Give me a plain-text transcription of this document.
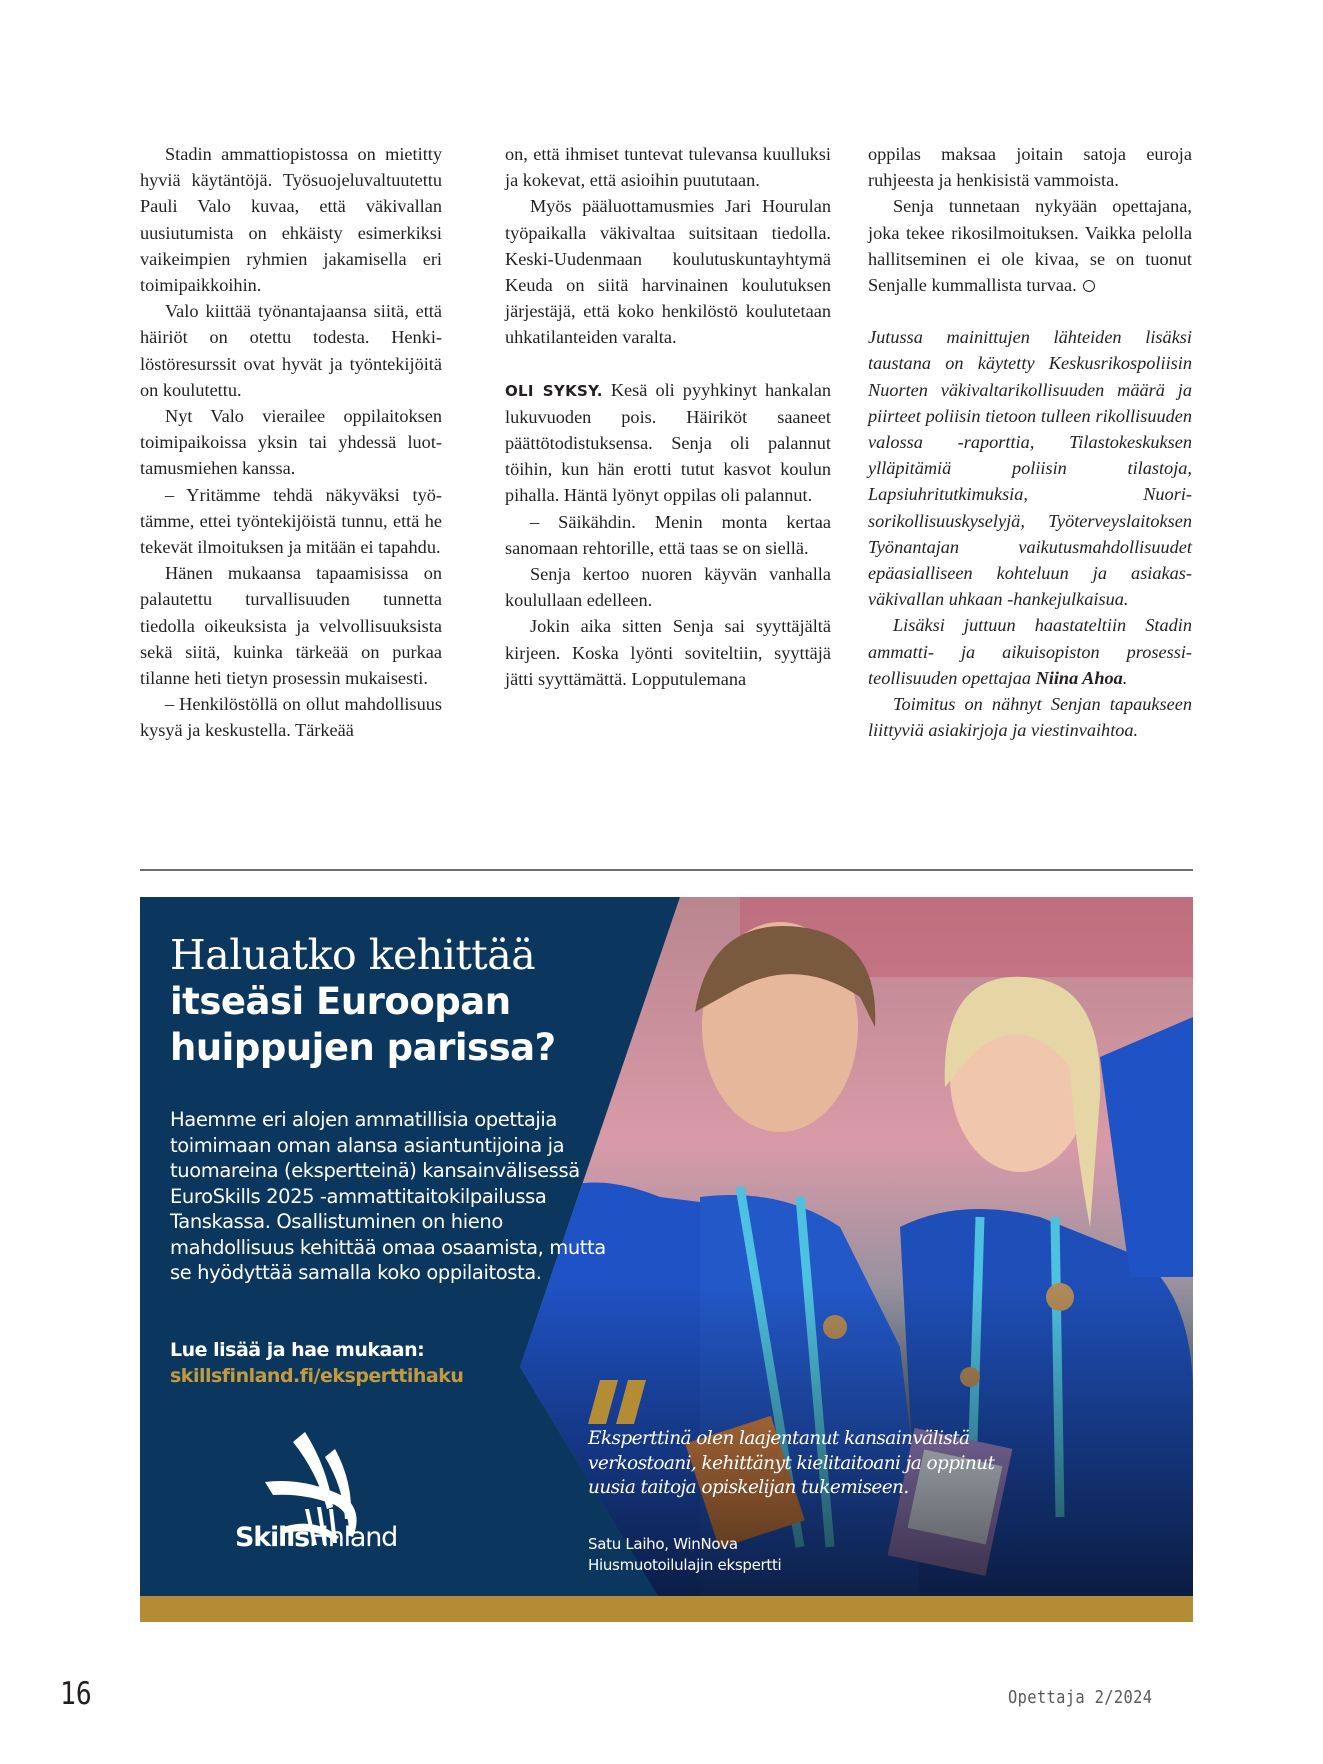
Stadin ammattiopistossa on mietitty hyviä käytäntöjä. Työsuojeluvaltuutettu Pauli Valo kuvaa, että väkivallan uusiutumista on ehkäisty esimerkiksi vaikeimpien ryhmien jakamisella eri toimipaikkoihin.

Valo kiittää työnantajaansa siitä, että häiriöt on otettu todesta. Henkilöstöresurssit ovat hyvät ja työntekijöitä on koulutettu.

Nyt Valo vierailee oppilaitoksen toimipaikoissa yksin tai yhdessä luottamusmiehen kanssa.

– Yritämme tehdä näkyväksi työtämme, ettei työntekijöistä tunnu, että he tekevät ilmoituksen ja mitään ei tapahdu.

Hänen mukaansa tapaamisissa on palautettu turvallisuuden tunnetta tiedolla oikeuksista ja velvollisuuksista sekä siitä, kuinka tärkeää on purkaa tilanne heti tietyn prosessin mukaisesti.

– Henkilöstöllä on ollut mahdollisuus kysyä ja keskustella. Tärkeää

on, että ihmiset tuntevat tulevansa kuulluksi ja kokevat, että asioihin puututaan.

Myös pääluottamusmies Jari Hourulan työpaikalla väkivaltaa suitsitaan tiedolla. Keski-Uudenmaan koulutuskuntayhtymä Keuda on siitä harvinainen koulutuksen järjestäjä, että koko henkilöstö koulutetaan uhkatilanteiden varalta.

OLI SYKSY. Kesä oli pyyhkinyt hankalan lukuvuoden pois. Häiriköt saaneet päättötodistuksensa. Senja oli palannut töihin, kun hän erotti tutut kasvot koulun pihalla. Häntä lyönyt oppilas oli palannut.

– Säikähdin. Menin monta kertaa sanomaan rehtorille, että taas se on siellä.

Senja kertoo nuoren käyvän vanhalla koulullaan edelleen.

Jokin aika sitten Senja sai syyttäjältä kirjeen. Koska lyönti soviteltiin, syyttäjä jätti syyttämättä. Lopputulemana

oppilas maksaa joitain satoja euroja ruhjeesta ja henkisistä vammoista.

Senja tunnetaan nykyään opettajana, joka tekee rikosilmoituksen. Vaikka pelolla hallitseminen ei ole kivaa, se on tuonut Senjalle kummallista turvaa.

Jutussa mainittujen lähteiden lisäksi taustana on käytetty Keskusrikospoliisin Nuorten väkivaltarikollisuuden määrä ja piirteet poliisin tietoon tulleen rikollisuuden valossa -raporttia, Tilastokeskuksen ylläpitämiä poliisin tilastoja, Lapsiuhritutkimuksia, Nuorisorikollisuuskyselyjä, Työterveyslaitoksen Työnantajan vaikutusmahdollisuudet epäasialliseen kohteluun ja asiakasväkivallan uhkaan -hankejulkaisua.

Lisäksi juttuun haastateltiin Stadin ammatti- ja aikuisopiston prosessiteollisuuden opettajaa Niina Ahoa.

Toimitus on nähnyt Senjan tapaukseen liittyviä asiakirjoja ja viestinvaihtoa.

Haluatko kehittää
itseäsi Euroopan
huippujen parissa?
Haemme eri alojen ammatillisia opettajia toimimaan oman alansa asiantuntijoina ja tuomareina (ekspertteinä) kansainvälisessä EuroSkills 2025 -ammattitaitokilpailussa Tanskassa. Osallistuminen on hieno mahdollisuus kehittää omaa osaamista, mutta se hyödyttää samalla koko oppilaitosta.
Lue lisää ja hae mukaan:
skillsfinland.fi/eksperttihaku
Eksperttinä olen laajentanut kansainvälistä verkostoani, kehittänyt kielitaitoani ja oppinut uusia taitoja opiskelijan tukemiseen.
Satu Laiho, WinNova
Hiusmuotoilulajin ekspertti
SkillsFinland
16	Opettaja 2/2024
